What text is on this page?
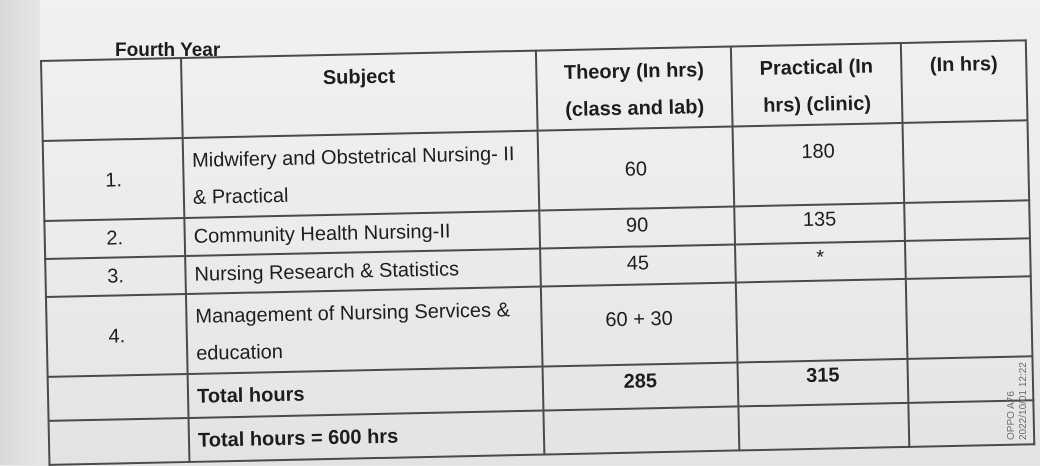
Fourth Year

	Subject	Theory (In hrs) (class and lab)	Practical (In hrs) (clinic)	(In hrs)

1.	Midwifery and Obstetrical Nursing- II & Practical	60	180	

2.	Community Health Nursing-II	90	135	

3.	Nursing Research & Statistics	45	*	

4.	Management of Nursing Services & education	60 + 30		

	Total hours	285	315	

	Total hours = 600 hrs			
				OPPO A76 2022/10/01 12:22
